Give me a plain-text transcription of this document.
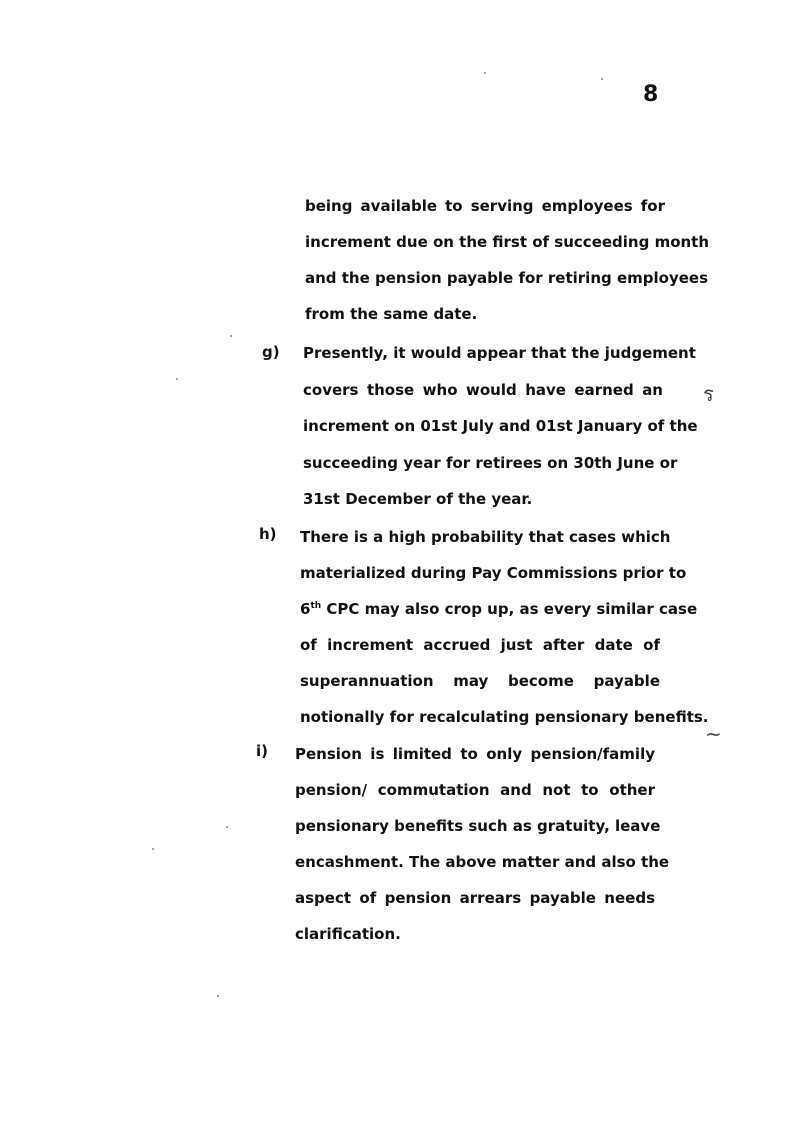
8
being available to serving employees for
increment due on the first of succeeding month
and the pension payable for retiring employees
from the same date.
g) Presently, it would appear that the judgement
covers those who would have earned an
increment on 01st July and 01st January of the
succeeding year for retirees on 30th June or
31st December of the year.
h) There is a high probability that cases which
materialized during Pay Commissions prior to
6th CPC may also crop up, as every similar case
of increment accrued just after date of
superannuation may become payable
notionally for recalculating pensionary benefits.
i) Pension is limited to only pension/family
pension/ commutation and not to other
pensionary benefits such as gratuity, leave
encashment. The above matter and also the
aspect of pension arrears payable needs
clarification.
ร
~
